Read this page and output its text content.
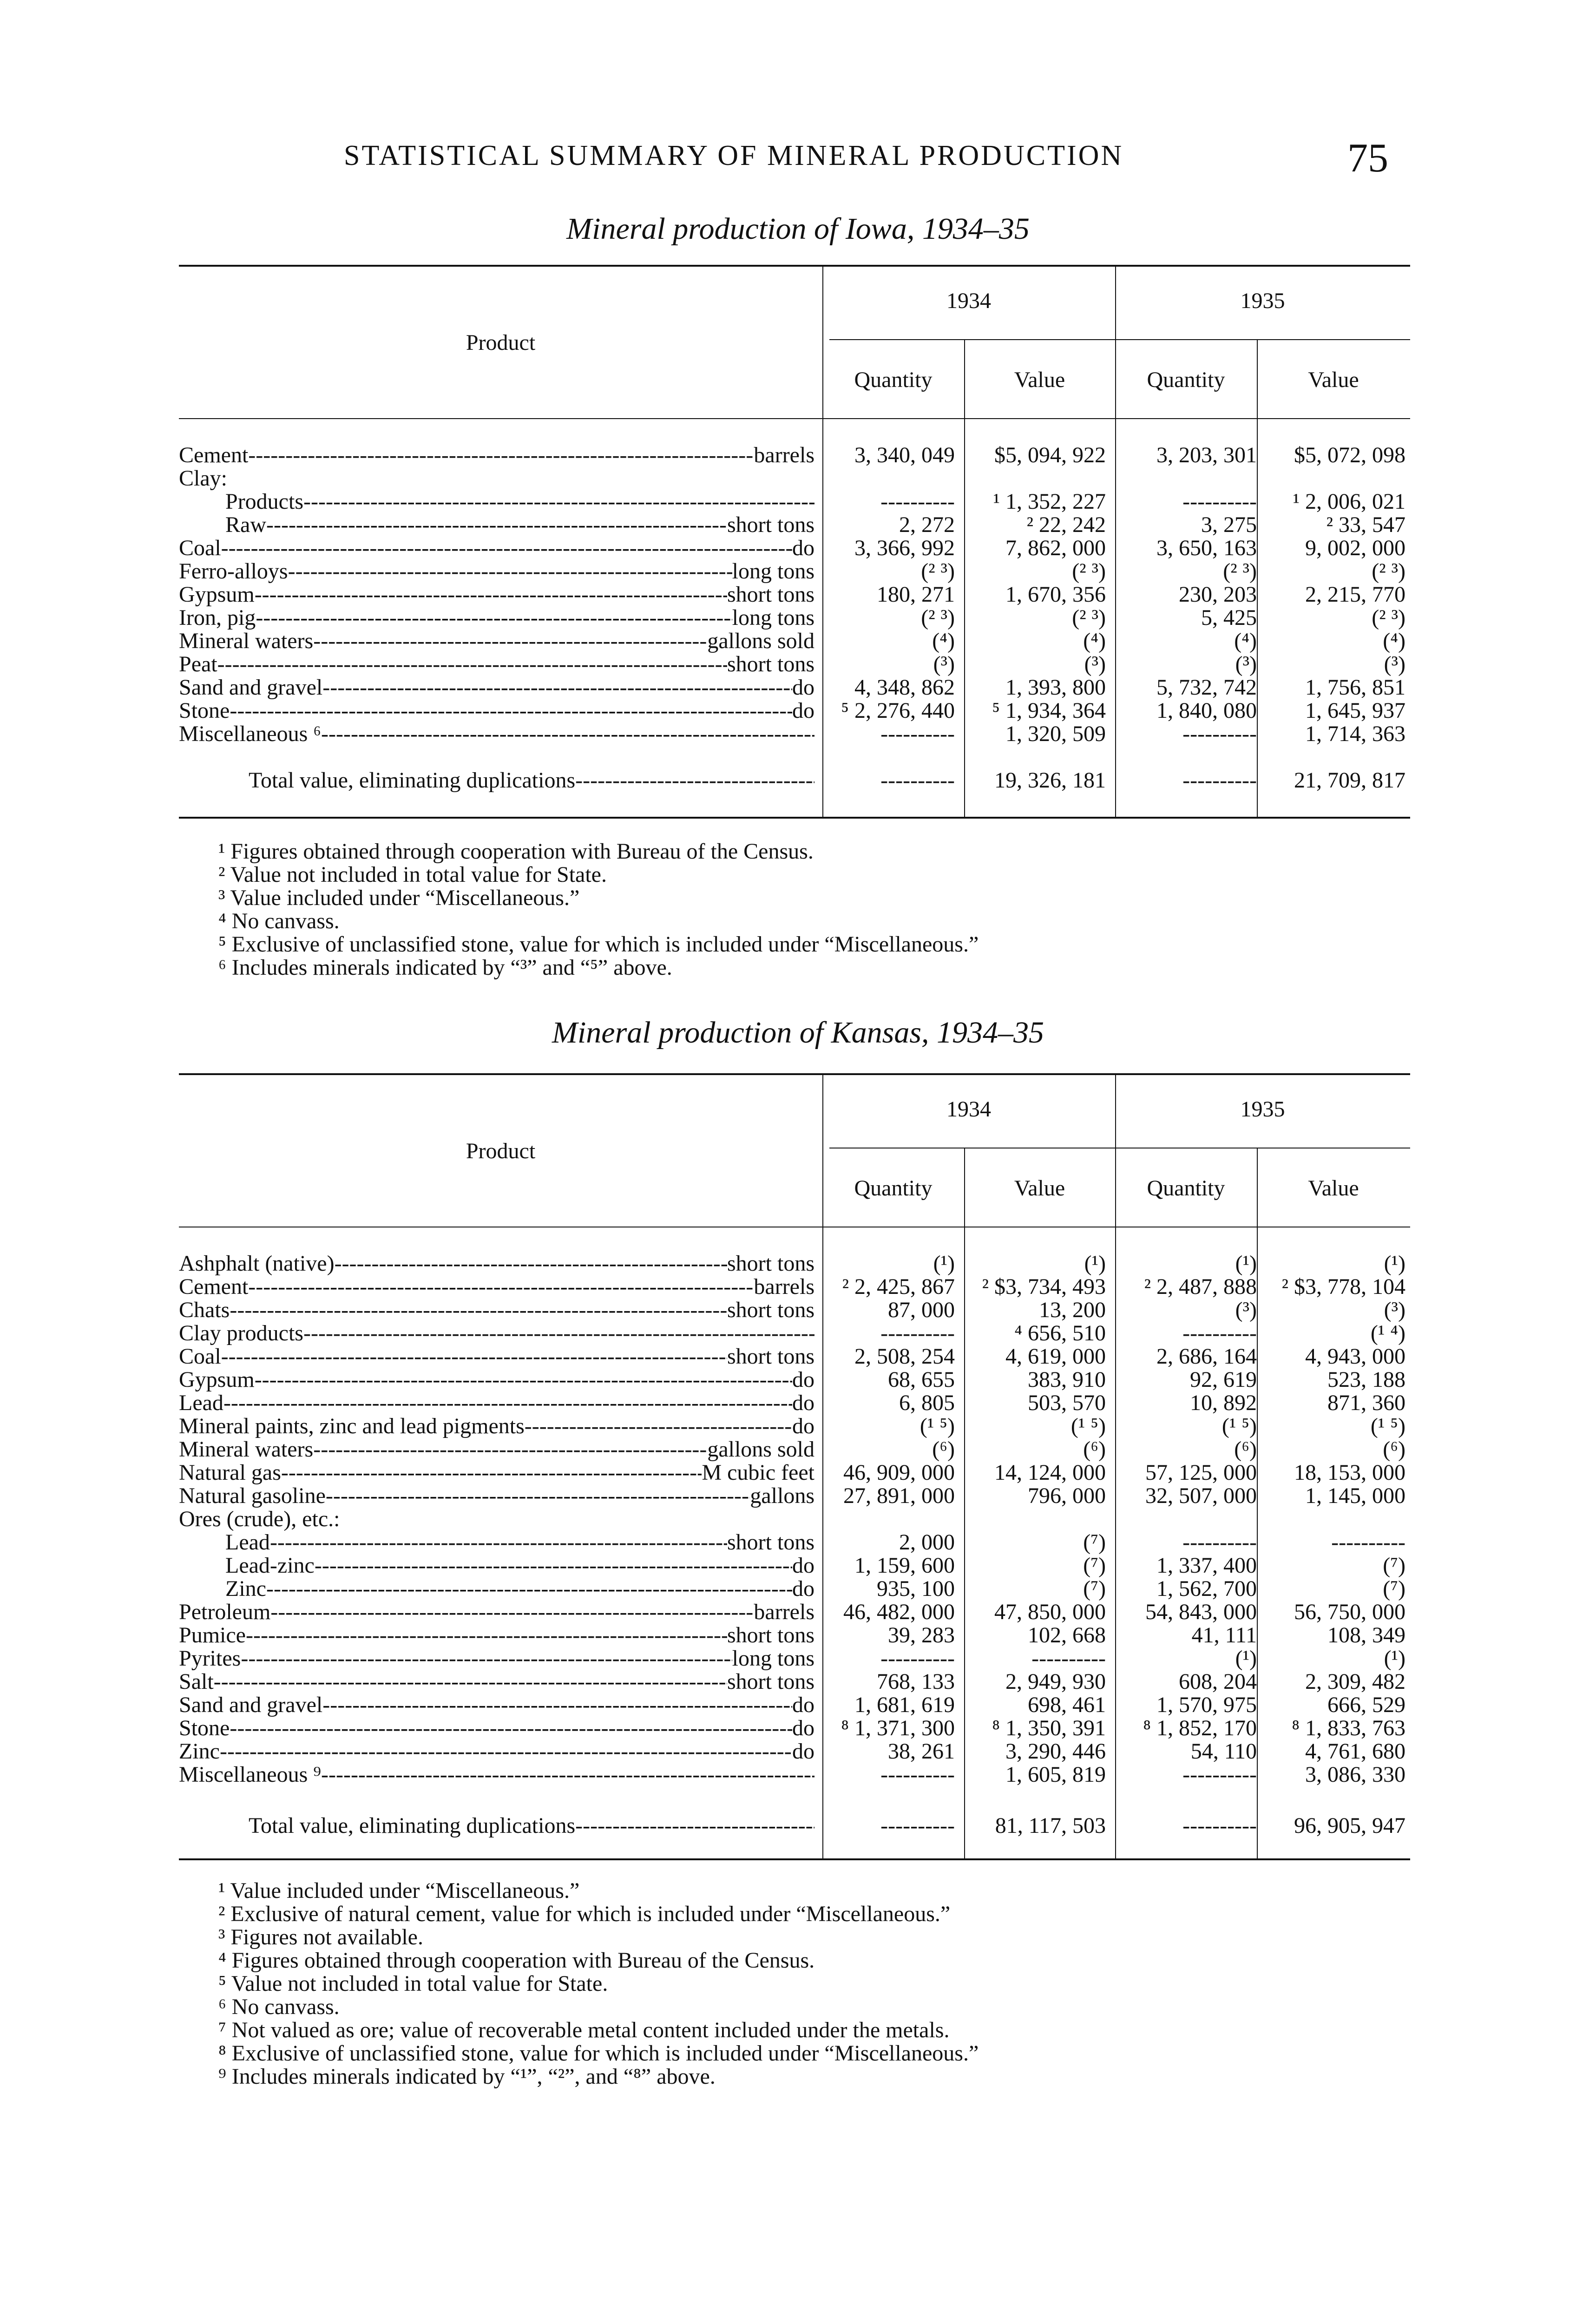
STATISTICAL SUMMARY OF MINERAL PRODUCTION	75
Mineral production of Iowa, 1934–35
Product
1934	1935
Quantity	Value	Quantity	Value
Cement -----	barrels	3, 340, 049	$5, 094, 922	3, 203, 301	$5, 072, 098
Clay:
Products -----	----------	¹ 1, 352, 227	----------	¹ 2, 006, 021
Raw -----	short tons	2, 272	² 22, 242	3, 275	² 33, 547
Coal -----	do	3, 366, 992	7, 862, 000	3, 650, 163	9, 002, 000
Ferro-alloys -----	long tons	(² ³)	(² ³)	(² ³)	(² ³)
Gypsum -----	short tons	180, 271	1, 670, 356	230, 203	2, 215, 770
Iron, pig -----	long tons	(² ³)	(² ³)	5, 425	(² ³)
Mineral waters -----	gallons sold	(⁴)	(⁴)	(⁴)	(⁴)
Peat -----	short tons	(³)	(³)	(³)	(³)
Sand and gravel -----	do	4, 348, 862	1, 393, 800	5, 732, 742	1, 756, 851
Stone -----	do	⁵ 2, 276, 440	⁵ 1, 934, 364	1, 840, 080	1, 645, 937
Miscellaneous ⁶ -----	----------	1, 320, 509	----------	1, 714, 363
Total value, eliminating duplications -----	----------	19, 326, 181	----------	21, 709, 817
¹ Figures obtained through cooperation with Bureau of the Census.
² Value not included in total value for State.
³ Value included under “Miscellaneous.”
⁴ No canvass.
⁵ Exclusive of unclassified stone, value for which is included under “Miscellaneous.”
⁶ Includes minerals indicated by “³” and “⁵” above.
Mineral production of Kansas, 1934–35
Product
1934	1935
Quantity	Value	Quantity	Value
Ashphalt (native) -----	short tons	(¹)	(¹)	(¹)	(¹)
Cement -----	barrels	² 2, 425, 867	² $3, 734, 493	² 2, 487, 888	² $3, 778, 104
Chats -----	short tons	87, 000	13, 200	(³)	(³)
Clay products -----	----------	⁴ 656, 510	----------	(¹ ⁴)
Coal -----	short tons	2, 508, 254	4, 619, 000	2, 686, 164	4, 943, 000
Gypsum -----	do	68, 655	383, 910	92, 619	523, 188
Lead -----	do	6, 805	503, 570	10, 892	871, 360
Mineral paints, zinc and lead pigments -----	do	(¹ ⁵)	(¹ ⁵)	(¹ ⁵)	(¹ ⁵)
Mineral waters -----	gallons sold	(⁶)	(⁶)	(⁶)	(⁶)
Natural gas -----	M cubic feet	46, 909, 000	14, 124, 000	57, 125, 000	18, 153, 000
Natural gasoline -----	gallons	27, 891, 000	796, 000	32, 507, 000	1, 145, 000
Ores (crude), etc.:
Lead -----	short tons	2, 000	(⁷)	----------	----------
Lead-zinc -----	do	1, 159, 600	(⁷)	1, 337, 400	(⁷)
Zinc -----	do	935, 100	(⁷)	1, 562, 700	(⁷)
Petroleum -----	barrels	46, 482, 000	47, 850, 000	54, 843, 000	56, 750, 000
Pumice -----	short tons	39, 283	102, 668	41, 111	108, 349
Pyrites -----	long tons	----------	----------	(¹)	(¹)
Salt -----	short tons	768, 133	2, 949, 930	608, 204	2, 309, 482
Sand and gravel -----	do	1, 681, 619	698, 461	1, 570, 975	666, 529
Stone -----	do	⁸ 1, 371, 300	⁸ 1, 350, 391	⁸ 1, 852, 170	⁸ 1, 833, 763
Zinc -----	do	38, 261	3, 290, 446	54, 110	4, 761, 680
Miscellaneous ⁹ -----	----------	1, 605, 819	----------	3, 086, 330
Total value, eliminating duplications -----	----------	81, 117, 503	----------	96, 905, 947
¹ Value included under “Miscellaneous.”
² Exclusive of natural cement, value for which is included under “Miscellaneous.”
³ Figures not available.
⁴ Figures obtained through cooperation with Bureau of the Census.
⁵ Value not included in total value for State.
⁶ No canvass.
⁷ Not valued as ore; value of recoverable metal content included under the metals.
⁸ Exclusive of unclassified stone, value for which is included under “Miscellaneous.”
⁹ Includes minerals indicated by “¹”, “²”, and “⁸” above.
